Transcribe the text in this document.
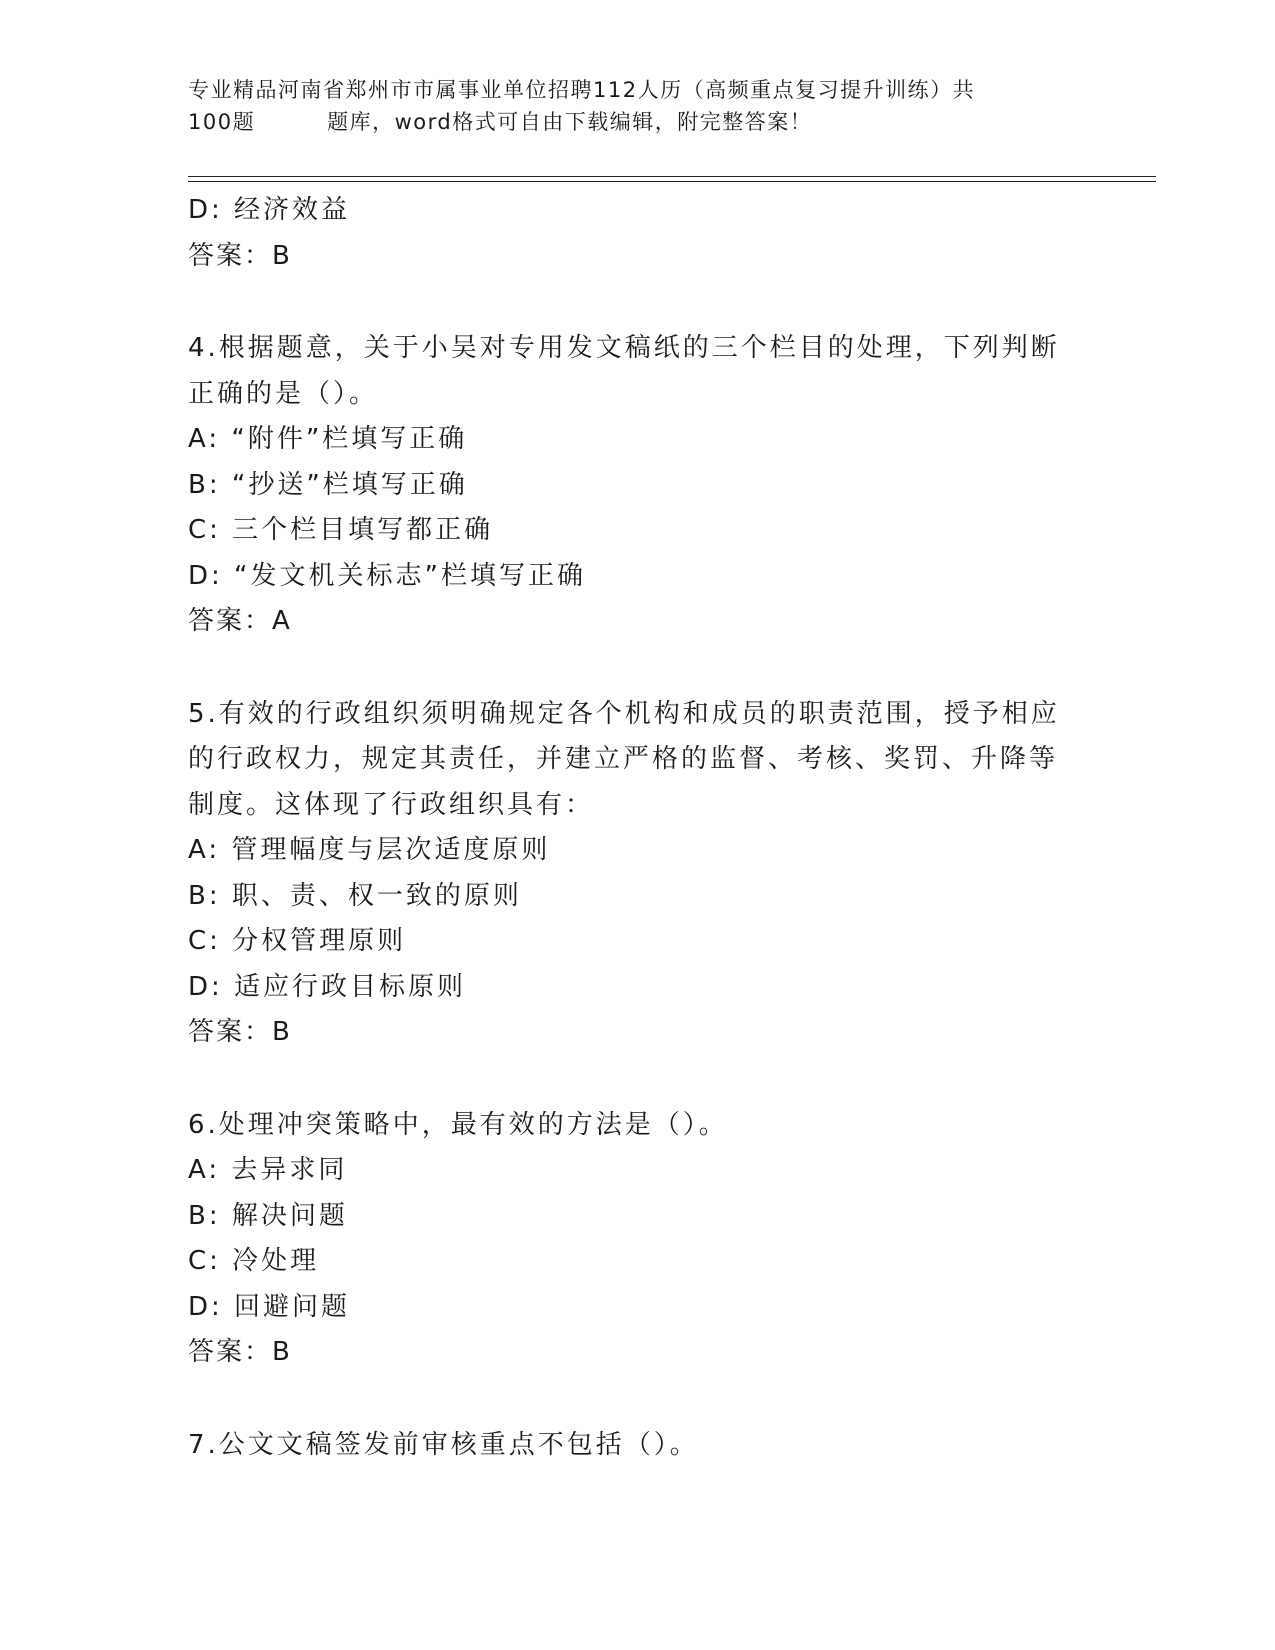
专业精品河南省郑州市市属事业单位招聘112人历（高频重点复习提升训练）共
100题	题库，word格式可自由下载编辑，附完整答案！
D: 经济效益
答案：B
4.根据题意，关于小吴对专用发文稿纸的三个栏目的处理，下列判断
正确的是（）。
A: “附件”栏填写正确
B: “抄送”栏填写正确
C: 三个栏目填写都正确
D: “发文机关标志”栏填写正确
答案：A
5.有效的行政组织须明确规定各个机构和成员的职责范围，授予相应
的行政权力，规定其责任，并建立严格的监督、考核、奖罚、升降等
制度。这体现了行政组织具有：
A: 管理幅度与层次适度原则
B: 职、责、权一致的原则
C: 分权管理原则
D: 适应行政目标原则
答案：B
6.处理冲突策略中，最有效的方法是（）。
A: 去异求同
B: 解决问题
C: 冷处理
D: 回避问题
答案：B
7.公文文稿签发前审核重点不包括（）。
